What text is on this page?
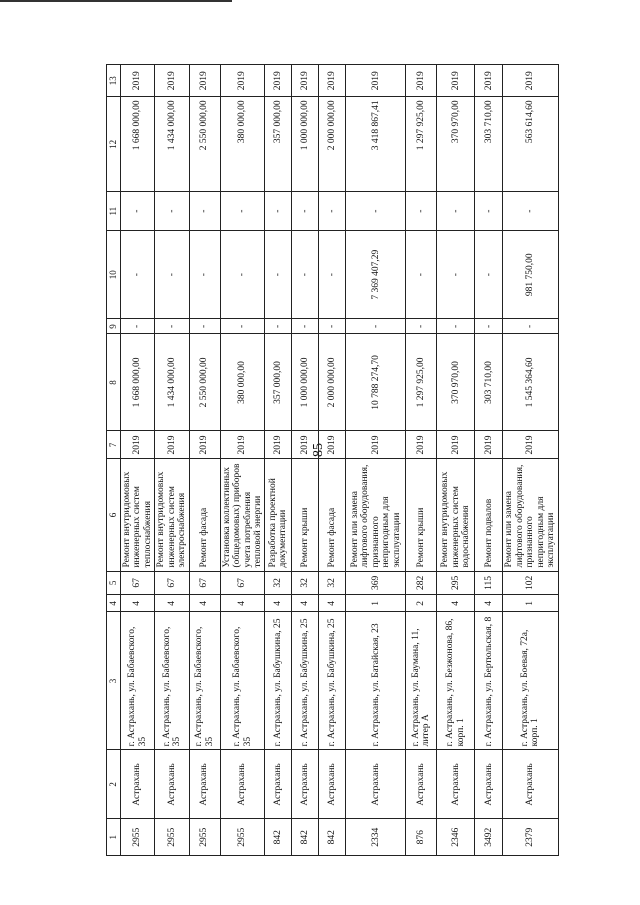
85
1	2	3	4	5	6	7	8	9	10	11	12	13
2955	Астрахань	г. Астрахань, ул. Бабаевского, 35	4	67	Ремонт внутридомовых инженерных систем теплоснабжения	2019	1 668 000,00	-	-	-	1 668 000,00	2019
2955	Астрахань	г. Астрахань, ул. Бабаевского, 35	4	67	Ремонт внутридомовых инженерных систем электроснабжения	2019	1 434 000,00	-	-	-	1 434 000,00	2019
2955	Астрахань	г. Астрахань, ул. Бабаевского, 35	4	67	Ремонт фасада	2019	2 550 000,00	-	-	-	2 550 000,00	2019
2955	Астрахань	г. Астрахань, ул. Бабаевского, 35	4	67	Установка коллективных (общедомовых) приборов учета потребления тепловой энергии	2019	380 000,00	-	-	-	380 000,00	2019
842	Астрахань	г. Астрахань, ул. Бабушкина, 25	4	32	Разработка проектной документации	2019	357 000,00	-	-	-	357 000,00	2019
842	Астрахань	г. Астрахань, ул. Бабушкина, 25	4	32	Ремонт крыши	2019	1 000 000,00	-	-	-	1 000 000,00	2019
842	Астрахань	г. Астрахань, ул. Бабушкина, 25	4	32	Ремонт фасада	2019	2 000 000,00	-	-	-	2 000 000,00	2019
2334	Астрахань	г. Астрахань, ул. Батайская, 23	1	369	Ремонт или замена лифтового оборудования, признанного непригодным для эксплуатации	2019	10 788 274,70	-	7 369 407,29	-	3 418 867,41	2019
876	Астрахань	г. Астрахань, ул. Баумана, 11, литер А	2	282	Ремонт крыши	2019	1 297 925,00	-	-	-	1 297 925,00	2019
2346	Астрахань	г. Астрахань, ул. Безжонова, 86, корп. 1	4	295	Ремонт внутридомовых инженерных систем водоснабжения	2019	370 970,00	-	-	-	370 970,00	2019
3492	Астрахань	г. Астрахань, ул. Бертюльская, 8	4	115	Ремонт подвалов	2019	303 710,00	-	-	-	303 710,00	2019
2379	Астрахань	г. Астрахань, ул. Боевая, 72а, корп. 1	1	102	Ремонт или замена лифтового оборудования, признанного непригодным для эксплуатации	2019	1 545 364,60	-	981 750,00	-	563 614,60	2019
